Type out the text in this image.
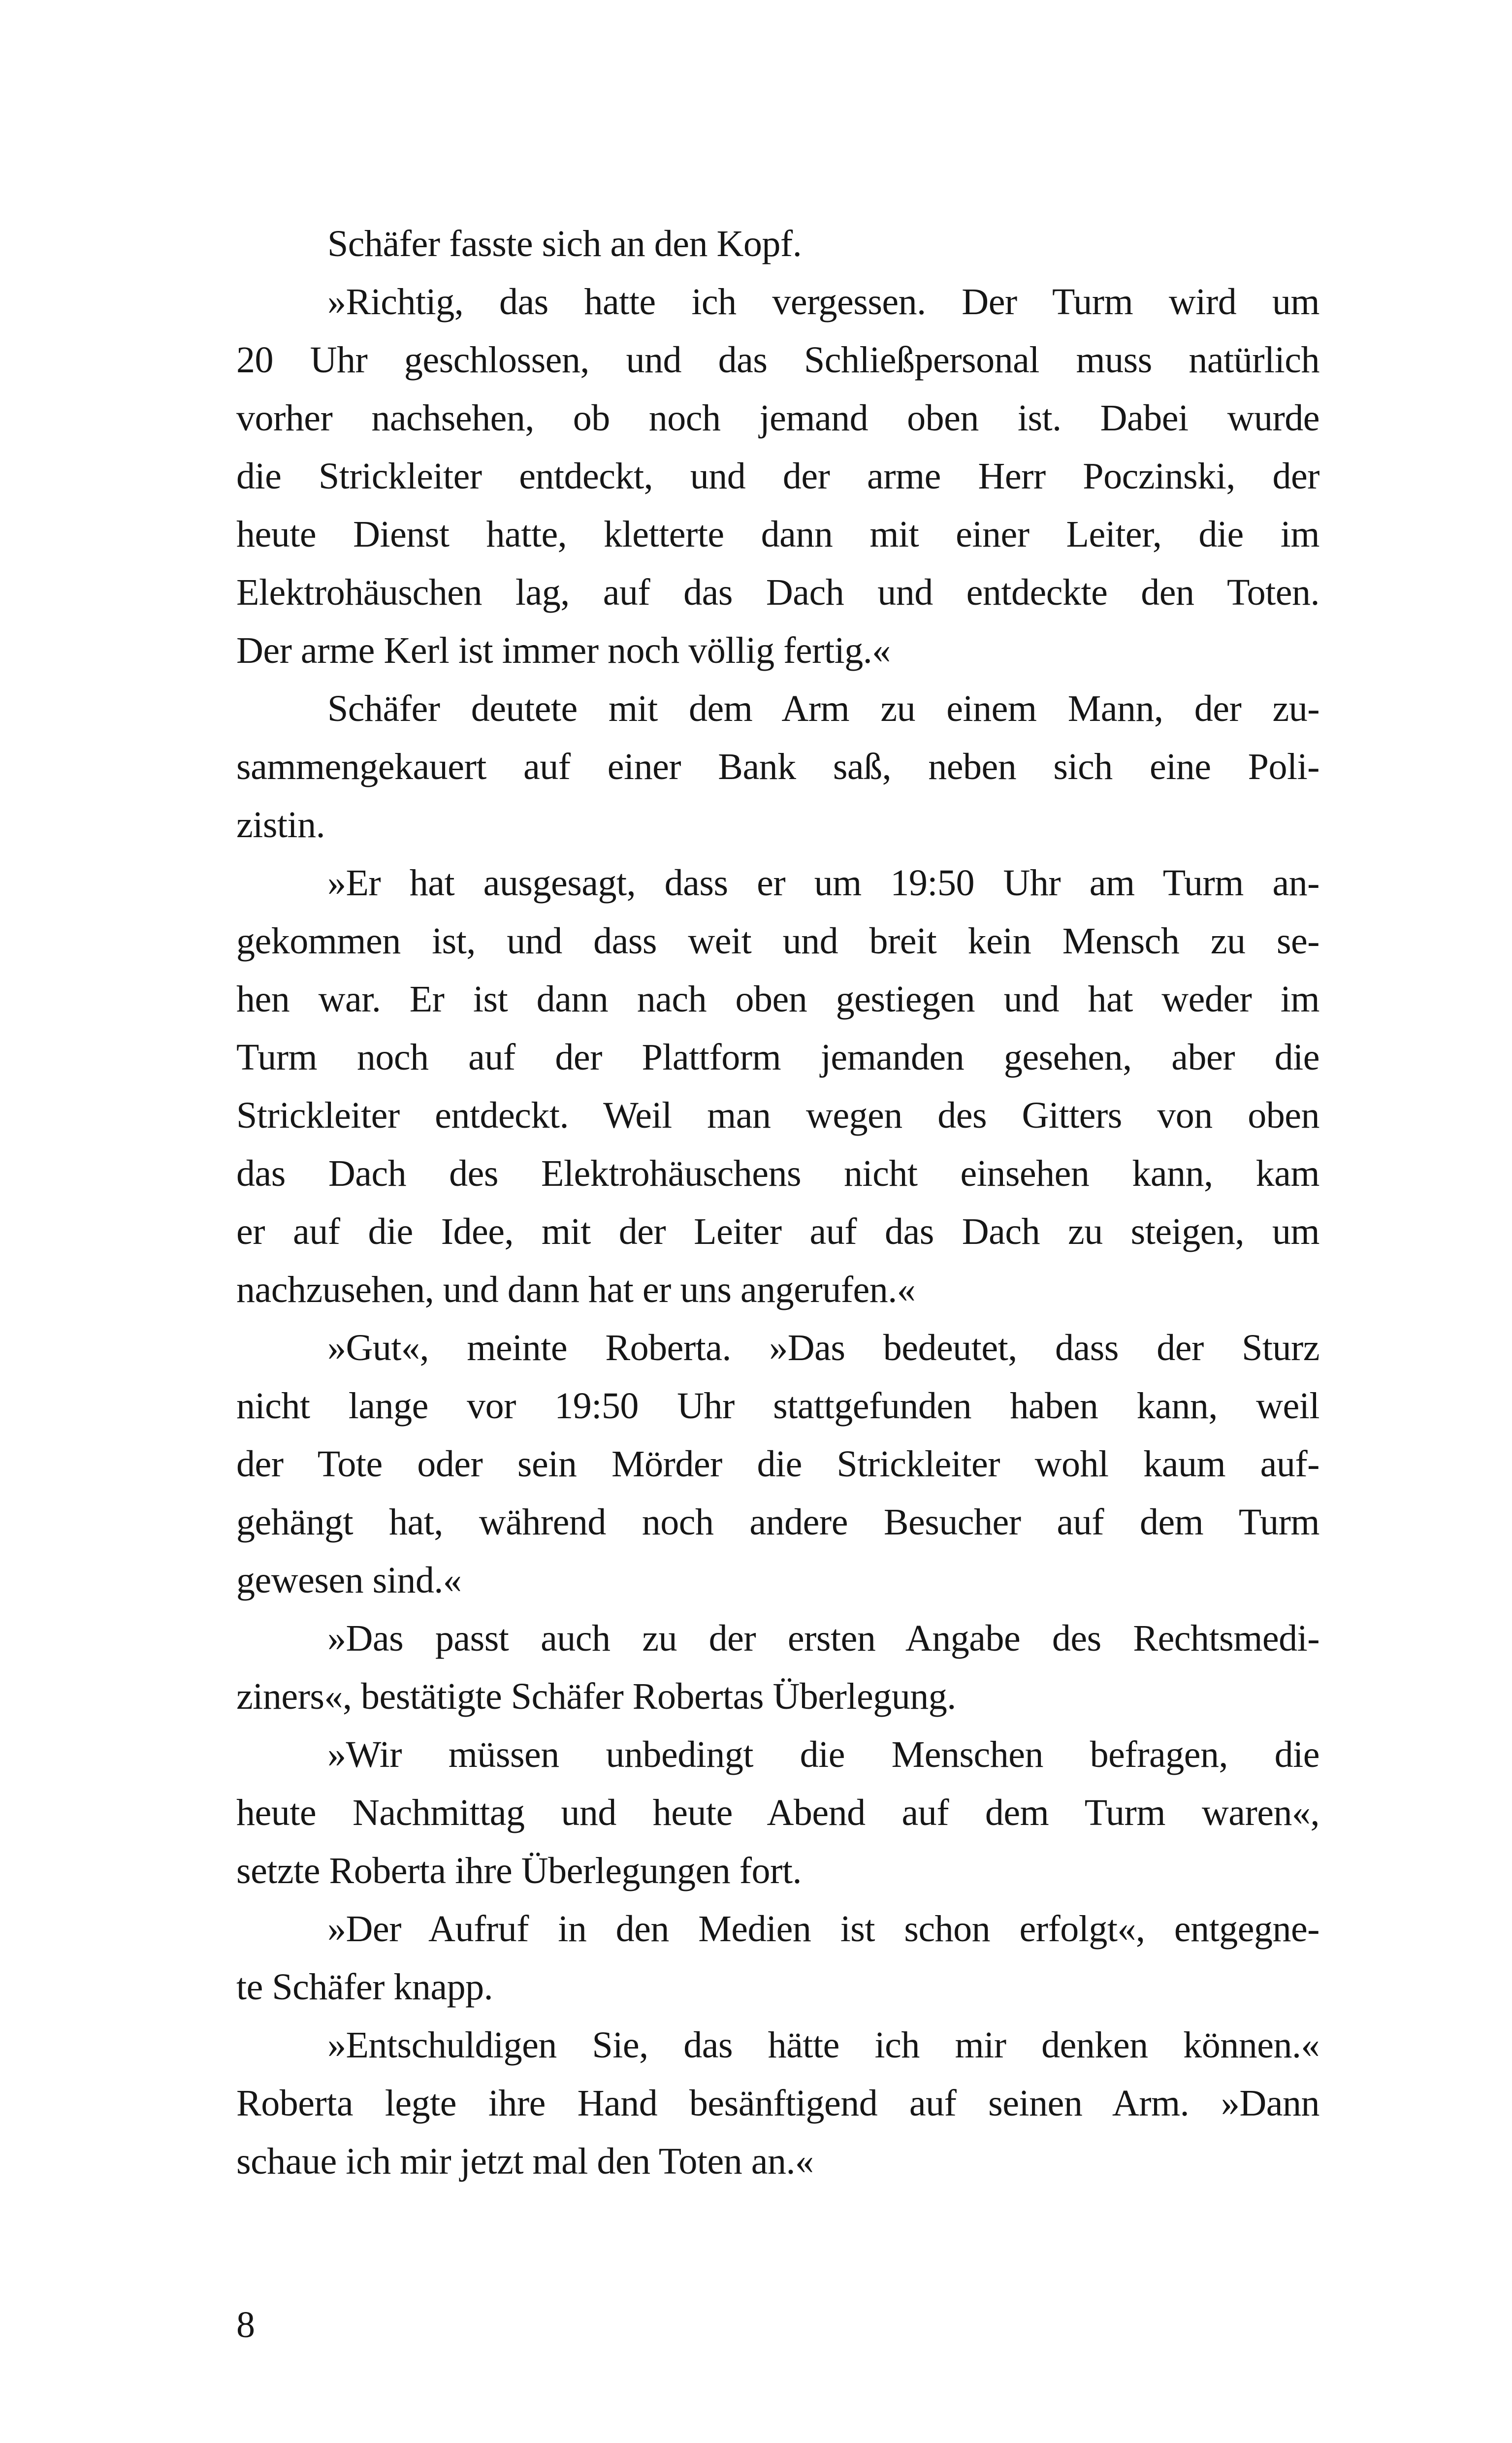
Schäfer fasste sich an den Kopf.
»Richtig, das hatte ich vergessen. Der Turm wird um
20 Uhr geschlossen, und das Schließpersonal muss natürlich
vorher nachsehen, ob noch jemand oben ist. Dabei wurde
die Strickleiter entdeckt, und der arme Herr Poczinski, der
heute Dienst hatte, kletterte dann mit einer Leiter, die im
Elektrohäuschen lag, auf das Dach und entdeckte den Toten.
Der arme Kerl ist immer noch völlig fertig.«
Schäfer deutete mit dem Arm zu einem Mann, der zu-
sammengekauert auf einer Bank saß, neben sich eine Poli-
zistin.
»Er hat ausgesagt, dass er um 19:50 Uhr am Turm an-
gekommen ist, und dass weit und breit kein Mensch zu se-
hen war. Er ist dann nach oben gestiegen und hat weder im
Turm noch auf der Plattform jemanden gesehen, aber die
Strickleiter entdeckt. Weil man wegen des Gitters von oben
das Dach des Elektrohäuschens nicht einsehen kann, kam
er auf die Idee, mit der Leiter auf das Dach zu steigen, um
nachzusehen, und dann hat er uns angerufen.«
»Gut«, meinte Roberta. »Das bedeutet, dass der Sturz
nicht lange vor 19:50 Uhr stattgefunden haben kann, weil
der Tote oder sein Mörder die Strickleiter wohl kaum auf-
gehängt hat, während noch andere Besucher auf dem Turm
gewesen sind.«
»Das passt auch zu der ersten Angabe des Rechtsmedi-
ziners«, bestätigte Schäfer Robertas Überlegung.
»Wir müssen unbedingt die Menschen befragen, die
heute Nachmittag und heute Abend auf dem Turm waren«,
setzte Roberta ihre Überlegungen fort.
»Der Aufruf in den Medien ist schon erfolgt«, entgegne-
te Schäfer knapp.
»Entschuldigen Sie, das hätte ich mir denken können.«
Roberta legte ihre Hand besänftigend auf seinen Arm. »Dann
schaue ich mir jetzt mal den Toten an.«
8
